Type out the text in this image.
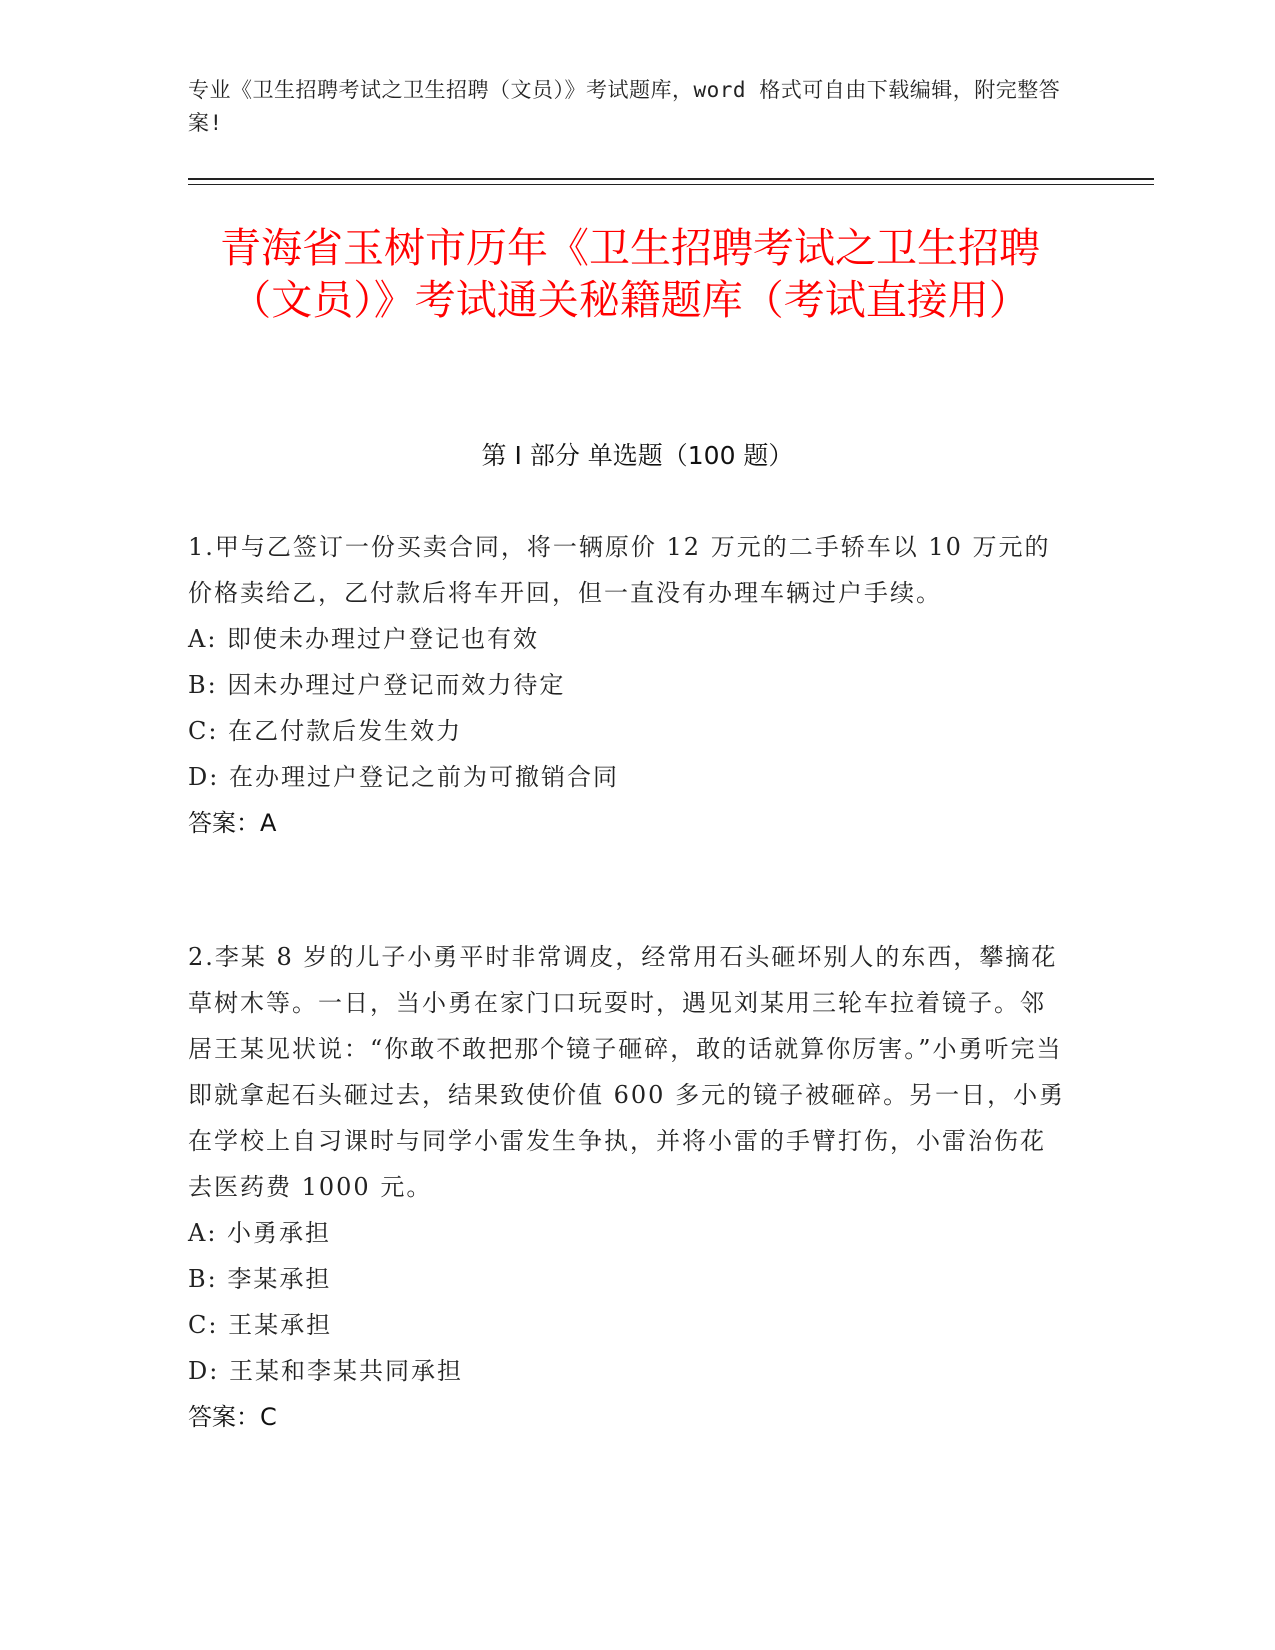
专业《卫生招聘考试之卫生招聘（文员）》考试题库，word 格式可自由下载编辑，附完整答案!
青海省玉树市历年《卫生招聘考试之卫生招聘（文员）》考试通关秘籍题库（考试直接用）
第 I 部分 单选题（100 题）
1.甲与乙签订一份买卖合同，将一辆原价 12 万元的二手轿车以 10 万元的价格卖给乙，乙付款后将车开回，但一直没有办理车辆过户手续。
A: 即使未办理过户登记也有效
B: 因未办理过户登记而效力待定
C: 在乙付款后发生效力
D: 在办理过户登记之前为可撤销合同
答案：A
2.李某 8 岁的儿子小勇平时非常调皮，经常用石头砸坏别人的东西，攀摘花草树木等。一日，当小勇在家门口玩耍时，遇见刘某用三轮车拉着镜子。邻居王某见状说：“你敢不敢把那个镜子砸碎，敢的话就算你厉害。”小勇听完当即就拿起石头砸过去，结果致使价值 600 多元的镜子被砸碎。另一日，小勇在学校上自习课时与同学小雷发生争执，并将小雷的手臂打伤，小雷治伤花去医药费 1000 元。
A: 小勇承担
B: 李某承担
C: 王某承担
D: 王某和李某共同承担
答案：C
